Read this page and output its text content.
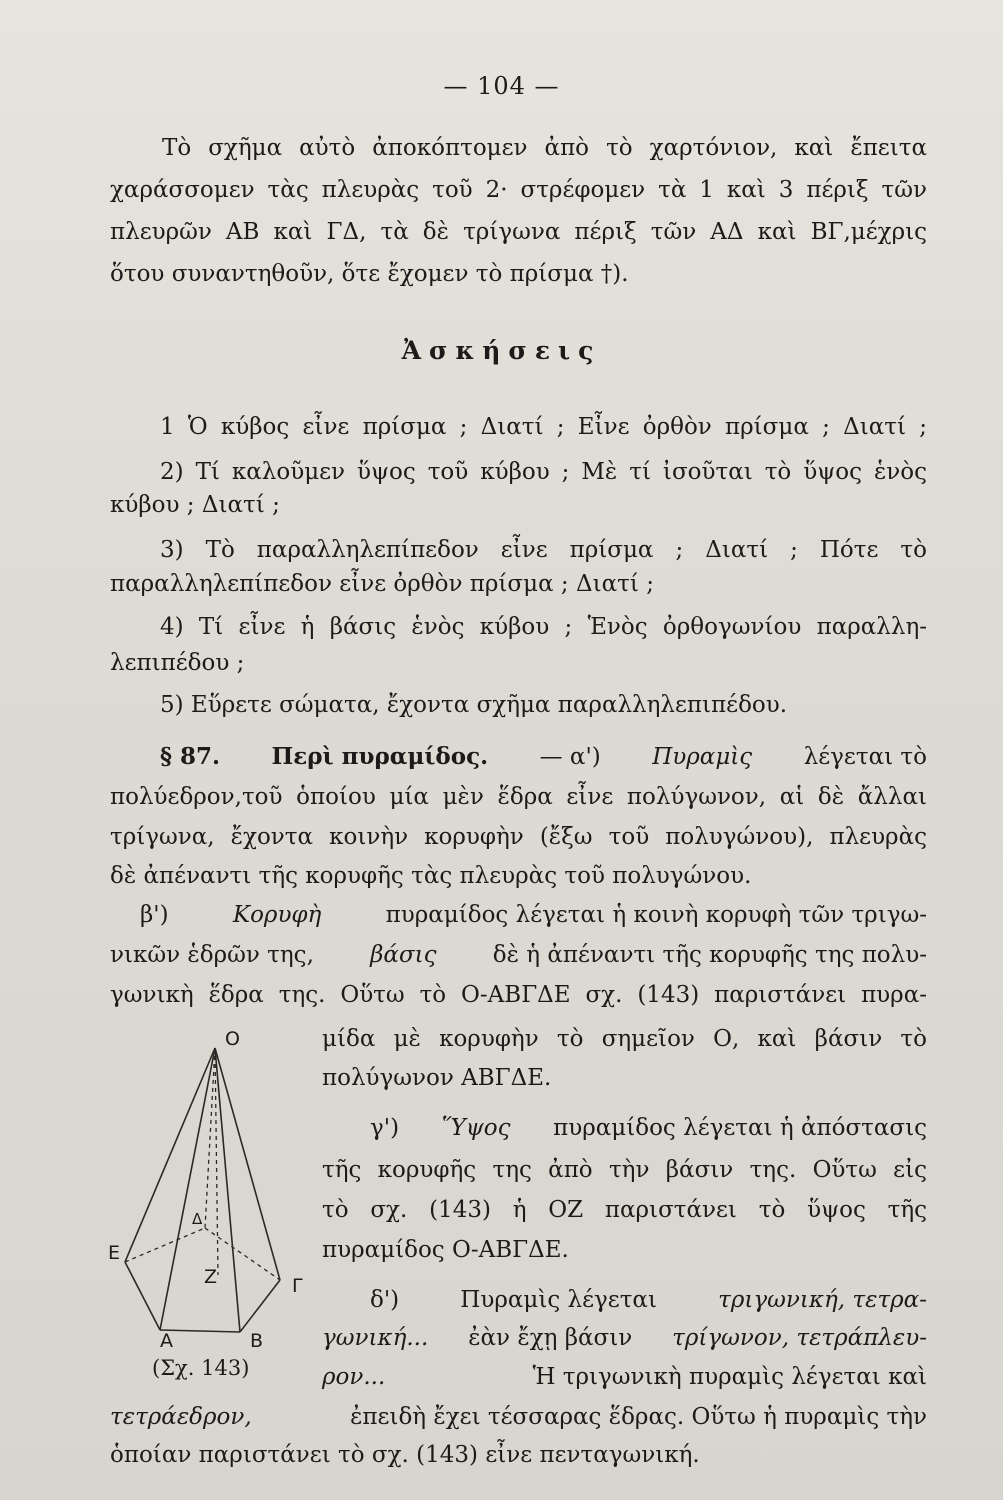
— 104 —
Τὸ σχῆμα αὐτὸ ἀποκόπτομεν ἀπὸ τὸ χαρτόνιον, καὶ ἔπειτα
χαράσσομεν τὰς πλευρὰς τοῦ 2· στρέφομεν τὰ 1 καὶ 3 πέριξ τῶν
πλευρῶν ΑΒ καὶ ΓΔ, τὰ δὲ τρίγωνα πέριξ τῶν ΑΔ καὶ ΒΓ,μέχρις
ὅτου συναντηθοῦν, ὅτε ἔχομεν τὸ πρίσμα †).
Ἀσκήσεις
1 Ὁ κύβος εἶνε πρίσμα ; Διατί ; Εἶνε ὀρθὸν πρίσμα ; Διατί ;
2) Τί καλοῦμεν ὕψος τοῦ κύβου ; Μὲ τί ἰσοῦται τὸ ὕψος ἑνὸς
κύβου ; Διατί ;
3) Τὸ παραλληλεπίπεδον εἶνε πρίσμα ; Διατί ; Πότε τὸ
παραλληλεπίπεδον εἶνε ὀρθὸν πρίσμα ; Διατί ;
4) Τί εἶνε ἡ βάσις ἑνὸς κύβου ; Ἑνὸς ὀρθογωνίου παραλλη-
λεπιπέδου ;
5) Εὕρετε σώματα, ἔχοντα σχῆμα παραλληλεπιπέδου.
§ 87. Περὶ πυραμίδος. — α') Πυραμὶς λέγεται τὸ
πολύεδρον,τοῦ ὁποίου μία μὲν ἕδρα εἶνε πολύγωνον, αἱ δὲ ἄλλαι
τρίγωνα, ἔχοντα κοινὴν κορυφὴν (ἔξω τοῦ πολυγώνου), πλευρὰς
δὲ ἀπέναντι τῆς κορυφῆς τὰς πλευρὰς τοῦ πολυγώνου.
β')	Κορυφὴ	πυραμίδος λέγεται ἡ κοινὴ κορυφὴ τῶν τριγω-
νικῶν ἑδρῶν της, βάσις δὲ ἡ ἀπέναντι τῆς κορυφῆς της πολυ-
γωνικὴ ἕδρα της. Οὕτω τὸ Ο-ΑΒΓΔΕ σχ. (143) παριστάνει πυρα-
μίδα μὲ κορυφὴν τὸ σημεῖον Ο, καὶ βάσιν τὸ
πολύγωνον ΑΒΓΔΕ.
γ') Ὕψος πυραμίδος λέγεται ἡ ἀπόστασις
τῆς κορυφῆς της ἀπὸ τὴν βάσιν της. Οὕτω εἰς
τὸ σχ. (143) ἡ ΟΖ παριστάνει τὸ ὕψος τῆς
πυραμίδος Ο-ΑΒΓΔΕ.
δ')	Πυραμὶς λέγεται	τριγωνική, τετρα-
γωνική... ἐὰν ἔχῃ βάσιν τρίγωνον, τετράπλευ-
ρον...	Ἡ τριγωνικὴ πυραμὶς λέγεται καὶ
τετράεδρον,	ἐπειδὴ ἔχει τέσσαρας ἕδρας. Οὕτω ἡ πυραμὶς τὴν
ὁποίαν παριστάνει τὸ σχ. (143) εἶνε πενταγωνική.
O
E
Δ
Z	Γ
A	B
(Σχ. 143)
